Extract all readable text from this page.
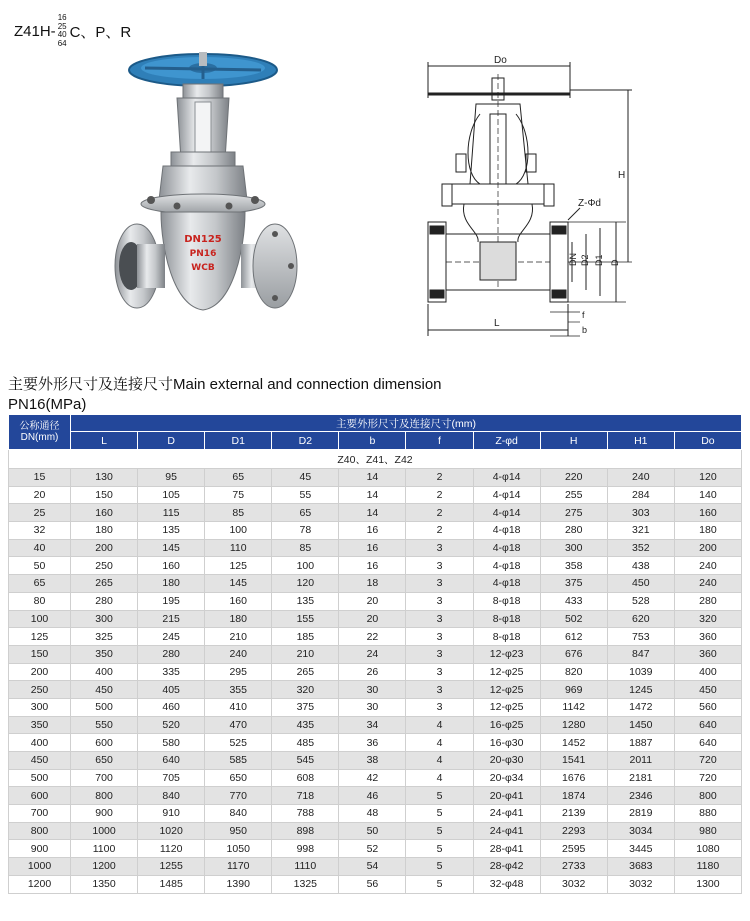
Z41H-
16
25
40
64
C、P、R
DN125
PN16
WCB
Do
H
Z-Φd
DN D2 D1 D
L
f
b
主要外形尺寸及连接尺寸Main external and connection dimension
PN16(MPa)
公称通径
DN(mm)	主要外形尺寸及连接尺寸(mm)									
	L	D	D1	D2	b	f	Z-φd	H	H1	Do
Z40、Z41、Z42										
15	130	95	65	45	14	2	4-φ14	220	240	120
20	150	105	75	55	14	2	4-φ14	255	284	140
25	160	115	85	65	14	2	4-φ14	275	303	160
32	180	135	100	78	16	2	4-φ18	280	321	180
40	200	145	110	85	16	3	4-φ18	300	352	200
50	250	160	125	100	16	3	4-φ18	358	438	240
65	265	180	145	120	18	3	4-φ18	375	450	240
80	280	195	160	135	20	3	8-φ18	433	528	280
100	300	215	180	155	20	3	8-φ18	502	620	320
125	325	245	210	185	22	3	8-φ18	612	753	360
150	350	280	240	210	24	3	12-φ23	676	847	360
200	400	335	295	265	26	3	12-φ25	820	1039	400
250	450	405	355	320	30	3	12-φ25	969	1245	450
300	500	460	410	375	30	3	12-φ25	1142	1472	560
350	550	520	470	435	34	4	16-φ25	1280	1450	640
400	600	580	525	485	36	4	16-φ30	1452	1887	640
450	650	640	585	545	38	4	20-φ30	1541	2011	720
500	700	705	650	608	42	4	20-φ34	1676	2181	720
600	800	840	770	718	46	5	20-φ41	1874	2346	800
700	900	910	840	788	48	5	24-φ41	2139	2819	880
800	1000	1020	950	898	50	5	24-φ41	2293	3034	980
900	1100	1120	1050	998	52	5	28-φ41	2595	3445	1080
1000	1200	1255	1170	1110	54	5	28-φ42	2733	3683	1180
1200	1350	1485	1390	1325	56	5	32-φ48	3032	3032	1300
